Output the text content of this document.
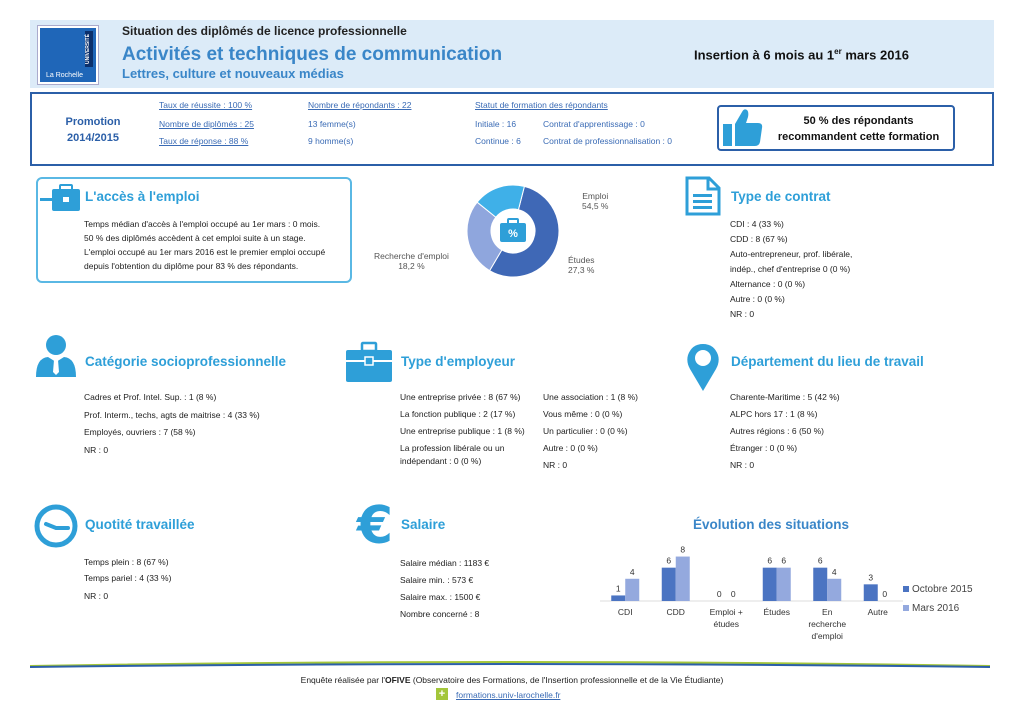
UNIVERSITÉ
La Rochelle
Situation des diplômés de licence professionnelle
Activités et techniques de communication
Lettres, culture et nouveaux médias
Insertion à 6 mois au 1er mars 2016
Promotion
2014/2015
Taux de réussite : 100 %
Nombre de diplômés : 25
Taux de réponse : 88 %
Nombre de répondants : 22
13 femme(s)
9 homme(s)
Statut de formation des répondants
Initiale : 16
Continue : 6
Contrat d'apprentissage : 0
Contrat de professionnalisation : 0
50 % des répondants
recommandent cette formation
L'accès à l'emploi
Temps médian d'accès à l'emploi occupé au 1er mars : 0 mois.
50 % des diplômés accèdent à cet emploi suite à un stage.
L'emploi occupé au 1er mars 2016 est le premier emploi occupé
depuis l'obtention du diplôme pour 83 % des répondants.
%
Emploi
54,5 %
Études
27,3 %
Recherche d'emploi
18,2 %
Type de contrat
CDI : 4 (33 %)
CDD : 8 (67 %)
Auto-entrepreneur, prof. libérale,
indép., chef d'entreprise 0 (0 %)
Alternance : 0 (0 %)
Autre : 0 (0 %)
NR : 0
Catégorie socioprofessionnelle
Cadres et Prof. Intel. Sup. : 1 (8 %)
Prof. Interm., techs, agts de maitrise : 4 (33 %)
Employés, ouvriers : 7 (58 %)
NR : 0
Type d'employeur
Une entreprise privée : 8 (67 %)
La fonction publique : 2 (17 %)
Une entreprise publique : 1 (8 %)
La profession libérale ou un
indépendant : 0 (0 %)
Une association : 1 (8 %)
Vous même : 0 (0 %)
Un particulier : 0 (0 %)
Autre : 0 (0 %)
NR : 0
Département du lieu de travail
Charente-Maritime : 5 (42 %)
ALPC hors 17 : 1 (8 %)
Autres régions : 6 (50 %)
Étranger : 0 (0 %)
NR : 0
Quotité travaillée
Temps plein : 8 (67 %)
Temps pariel : 4 (33 %)
NR : 0
€ Salaire
Salaire médian : 1183 €
Salaire min. : 573 €
Salaire max. : 1500 €
Nombre concerné : 8
Évolution des situations
1
4
CDI
6
8
CDD
0 0
Emploi +
études
6 6
Études
6
4
En
recherche
d'emploi
3
0
Autre
Octobre 2015
Mars 2016
Enquête réalisée par l'OFIVE (Observatoire des Formations, de l'Insertion professionnelle et de la Vie Étudiante)
+	formations.univ-larochelle.fr
